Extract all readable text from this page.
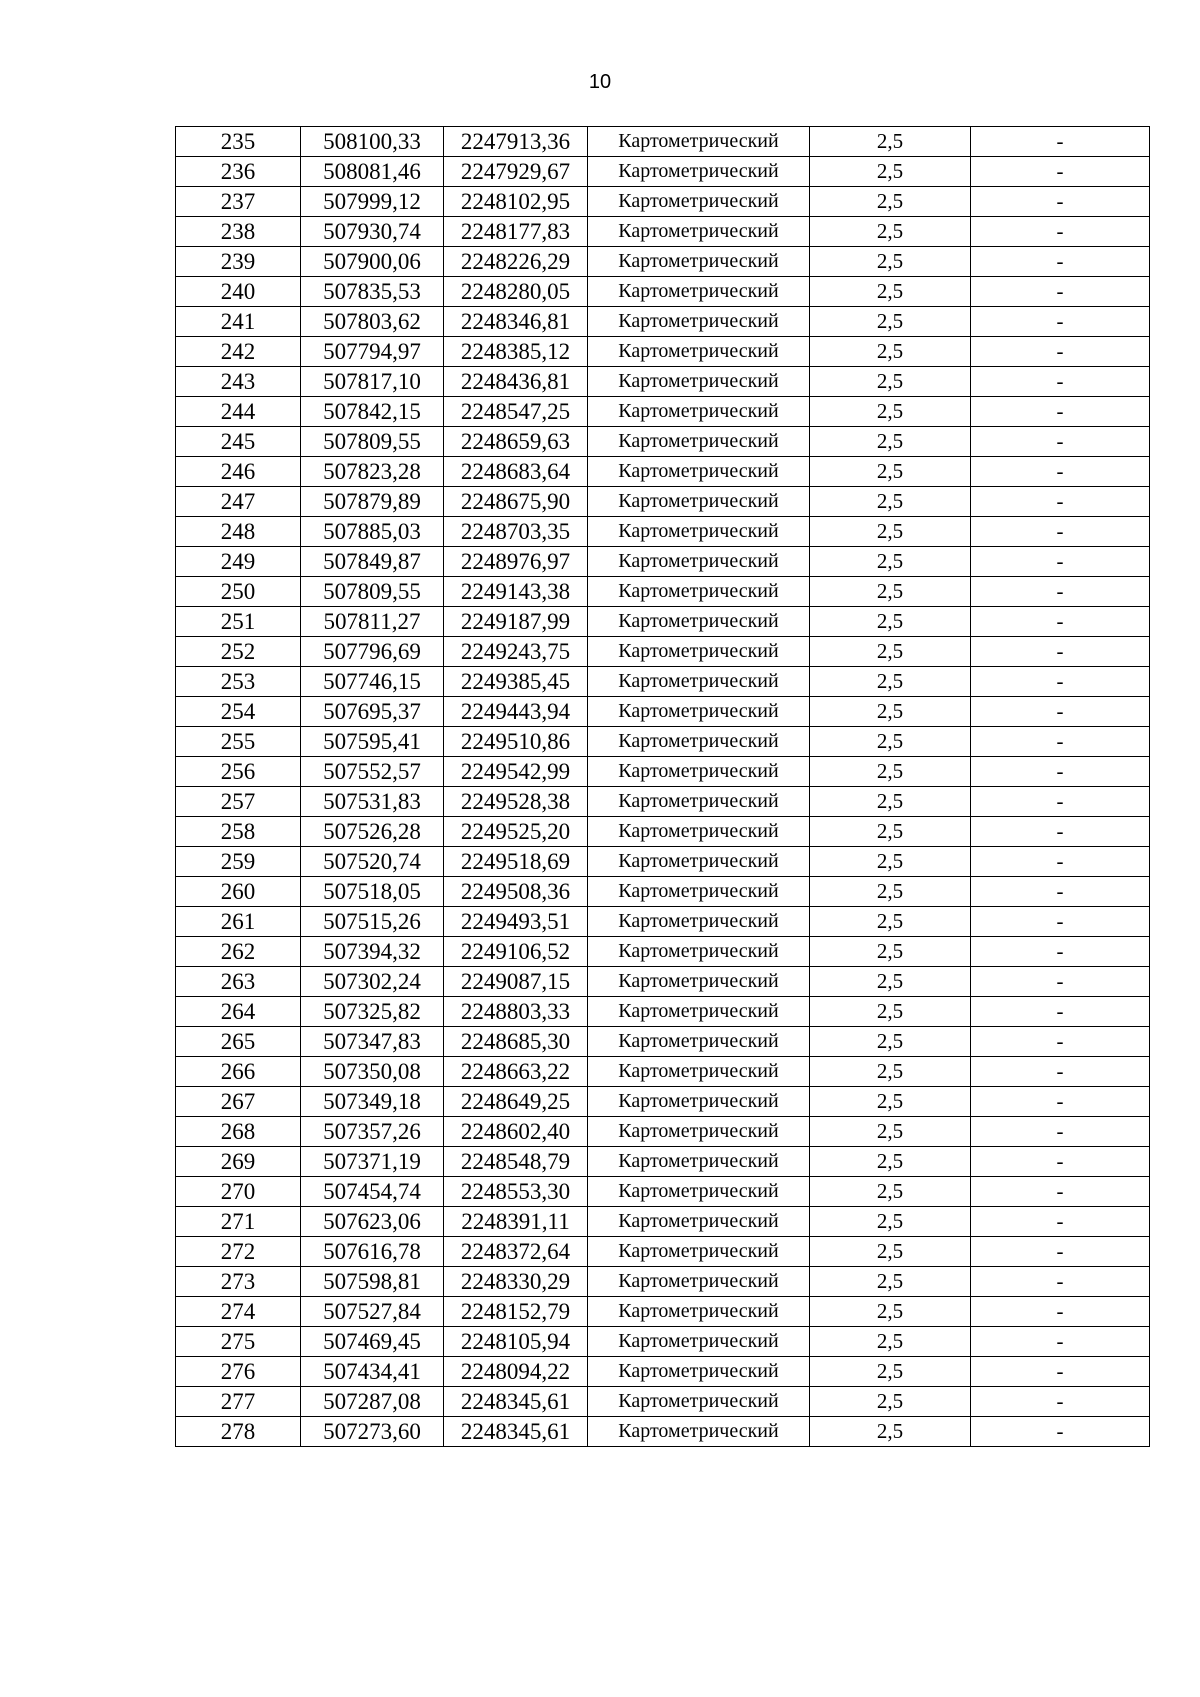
10
235	508100,33	2247913,36	Картометрический	2,5	-
236	508081,46	2247929,67	Картометрический	2,5	-
237	507999,12	2248102,95	Картометрический	2,5	-
238	507930,74	2248177,83	Картометрический	2,5	-
239	507900,06	2248226,29	Картометрический	2,5	-
240	507835,53	2248280,05	Картометрический	2,5	-
241	507803,62	2248346,81	Картометрический	2,5	-
242	507794,97	2248385,12	Картометрический	2,5	-
243	507817,10	2248436,81	Картометрический	2,5	-
244	507842,15	2248547,25	Картометрический	2,5	-
245	507809,55	2248659,63	Картометрический	2,5	-
246	507823,28	2248683,64	Картометрический	2,5	-
247	507879,89	2248675,90	Картометрический	2,5	-
248	507885,03	2248703,35	Картометрический	2,5	-
249	507849,87	2248976,97	Картометрический	2,5	-
250	507809,55	2249143,38	Картометрический	2,5	-
251	507811,27	2249187,99	Картометрический	2,5	-
252	507796,69	2249243,75	Картометрический	2,5	-
253	507746,15	2249385,45	Картометрический	2,5	-
254	507695,37	2249443,94	Картометрический	2,5	-
255	507595,41	2249510,86	Картометрический	2,5	-
256	507552,57	2249542,99	Картометрический	2,5	-
257	507531,83	2249528,38	Картометрический	2,5	-
258	507526,28	2249525,20	Картометрический	2,5	-
259	507520,74	2249518,69	Картометрический	2,5	-
260	507518,05	2249508,36	Картометрический	2,5	-
261	507515,26	2249493,51	Картометрический	2,5	-
262	507394,32	2249106,52	Картометрический	2,5	-
263	507302,24	2249087,15	Картометрический	2,5	-
264	507325,82	2248803,33	Картометрический	2,5	-
265	507347,83	2248685,30	Картометрический	2,5	-
266	507350,08	2248663,22	Картометрический	2,5	-
267	507349,18	2248649,25	Картометрический	2,5	-
268	507357,26	2248602,40	Картометрический	2,5	-
269	507371,19	2248548,79	Картометрический	2,5	-
270	507454,74	2248553,30	Картометрический	2,5	-
271	507623,06	2248391,11	Картометрический	2,5	-
272	507616,78	2248372,64	Картометрический	2,5	-
273	507598,81	2248330,29	Картометрический	2,5	-
274	507527,84	2248152,79	Картометрический	2,5	-
275	507469,45	2248105,94	Картометрический	2,5	-
276	507434,41	2248094,22	Картометрический	2,5	-
277	507287,08	2248345,61	Картометрический	2,5	-
278	507273,60	2248345,61	Картометрический	2,5	-
